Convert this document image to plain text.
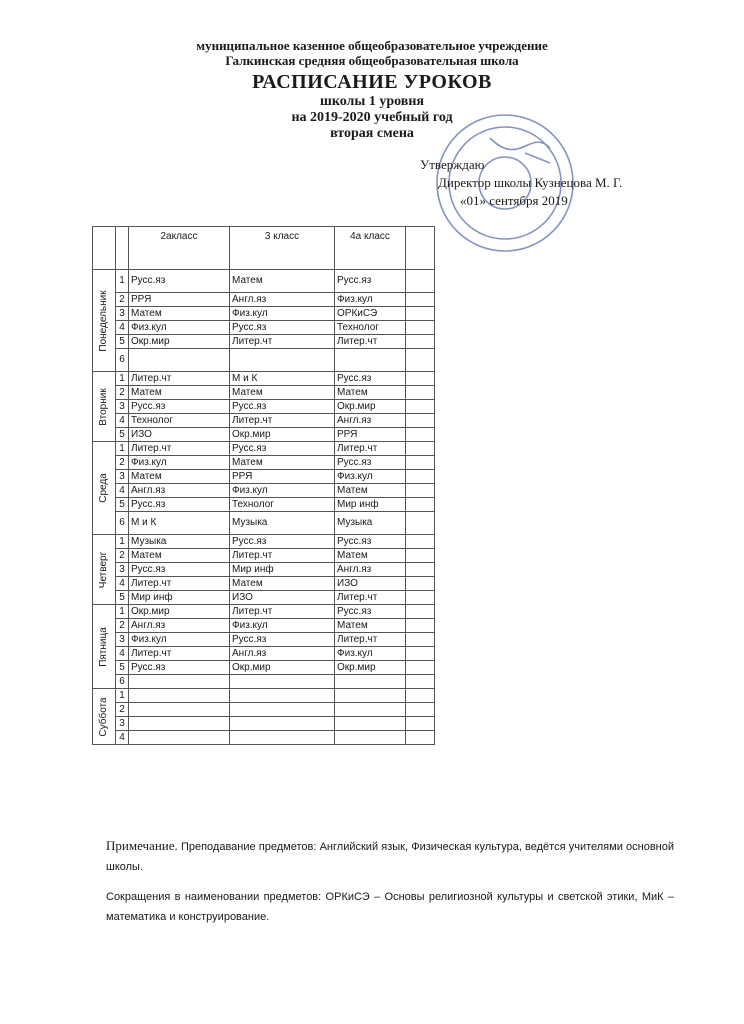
муниципальное казенное общеобразовательное учреждение
Галкинская средняя общеобразовательная школа
РАСПИСАНИЕ УРОКОВ
школы 1 уровня
на 2019-2020 учебный год
вторая смена
Утверждаю
Директор школы Кузнецова М. Г.
«01» сентября 2019
		2aкласс	3 класс	4а класс	

Понедельник	1	Русс.яз	Матем	Русс.яз	
	2	РРЯ	Англ.яз	Физ.кул	
	3	Матем	Физ.кул	ОРКиСЭ	
	4	Физ.кул	Русс.яз	Технолог	
	5	Окр.мир	Литер.чт	Литер.чт	
	6				

Вторник	1	Литер.чт	М и К	Русс.яз	
	2	Матем	Матем	Матем	
	3	Русс.яз	Русс.яз	Окр.мир	
	4	Технолог	Литер.чт	Англ.яз	
	5	ИЗО	Окр.мир	РРЯ	

Среда	1	Литер.чт	Русс.яз	Литер.чт	
	2	Физ.кул	Матем	Русс.яз	
	3	Матем	РРЯ	Физ.кул	
	4	Англ.яз	Физ.кул	Матем	
	5	Русс.яз	Технолог	Мир инф	
	6	М и К	Музыка	Музыка	

Четверг	1	Музыка	Русс.яз	Русс.яз	
	2	Матем	Литер.чт	Матем	
	3	Русс.яз	Мир инф	Англ.яз	
	4	Литер.чт	Матем	ИЗО	
	5	Мир инф	ИЗО	Литер.чт	

Пятница	1	Окр.мир	Литер.чт	Русс.яз	
	2	Англ.яз	Физ.кул	Матем	
	3	Физ.кул	Русс.яз	Литер.чт	
	4	Литер.чт	Англ.яз	Физ.кул	
	5	Русс.яз	Окр.мир	Окр.мир	
	6				

Суббота	1				
	2				
	3				
	4				

Примечание. Преподавание предметов: Английский язык, Физическая культура, ведётся учителями основной школы.

Сокращения в наименовании предметов: ОРКиСЭ – Основы религиозной культуры и светской этики, МиК – математика и конструирование.
